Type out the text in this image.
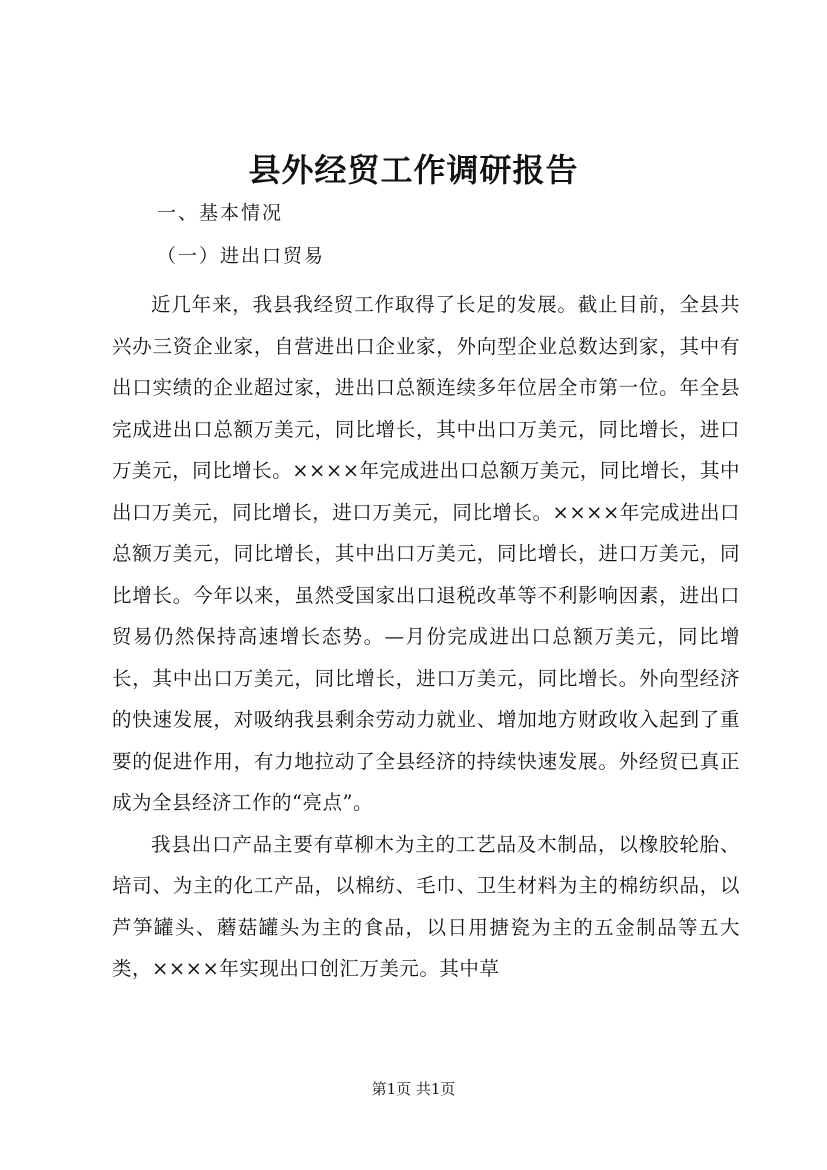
县外经贸工作调研报告
一、基本情况
（一）进出口贸易

近几年来，我县我经贸工作取得了长足的发展。截止目前，全县共兴办三资企业家，自营进出口企业家，外向型企业总数达到家，其中有出口实绩的企业超过家，进出口总额连续多年位居全市第一位。年全县完成进出口总额万美元，同比增长，其中出口万美元，同比增长，进口万美元，同比增长。××××年完成进出口总额万美元，同比增长，其中出口万美元，同比增长，进口万美元，同比增长。××××年完成进出口总额万美元，同比增长，其中出口万美元，同比增长，进口万美元，同比增长。今年以来，虽然受国家出口退税改革等不利影响因素，进出口贸易仍然保持高速增长态势。—月份完成进出口总额万美元，同比增长，其中出口万美元，同比增长，进口万美元，同比增长。外向型经济的快速发展，对吸纳我县剩余劳动力就业、增加地方财政收入起到了重要的促进作用，有力地拉动了全县经济的持续快速发展。外经贸已真正成为全县经济工作的“亮点”。

我县出口产品主要有草柳木为主的工艺品及木制品，以橡胶轮胎、培司、为主的化工产品，以棉纺、毛巾、卫生材料为主的棉纺织品，以芦笋罐头、蘑菇罐头为主的食品，以日用搪瓷为主的五金制品等五大类，××××年实现出口创汇万美元。其中草

第1页 共1页
